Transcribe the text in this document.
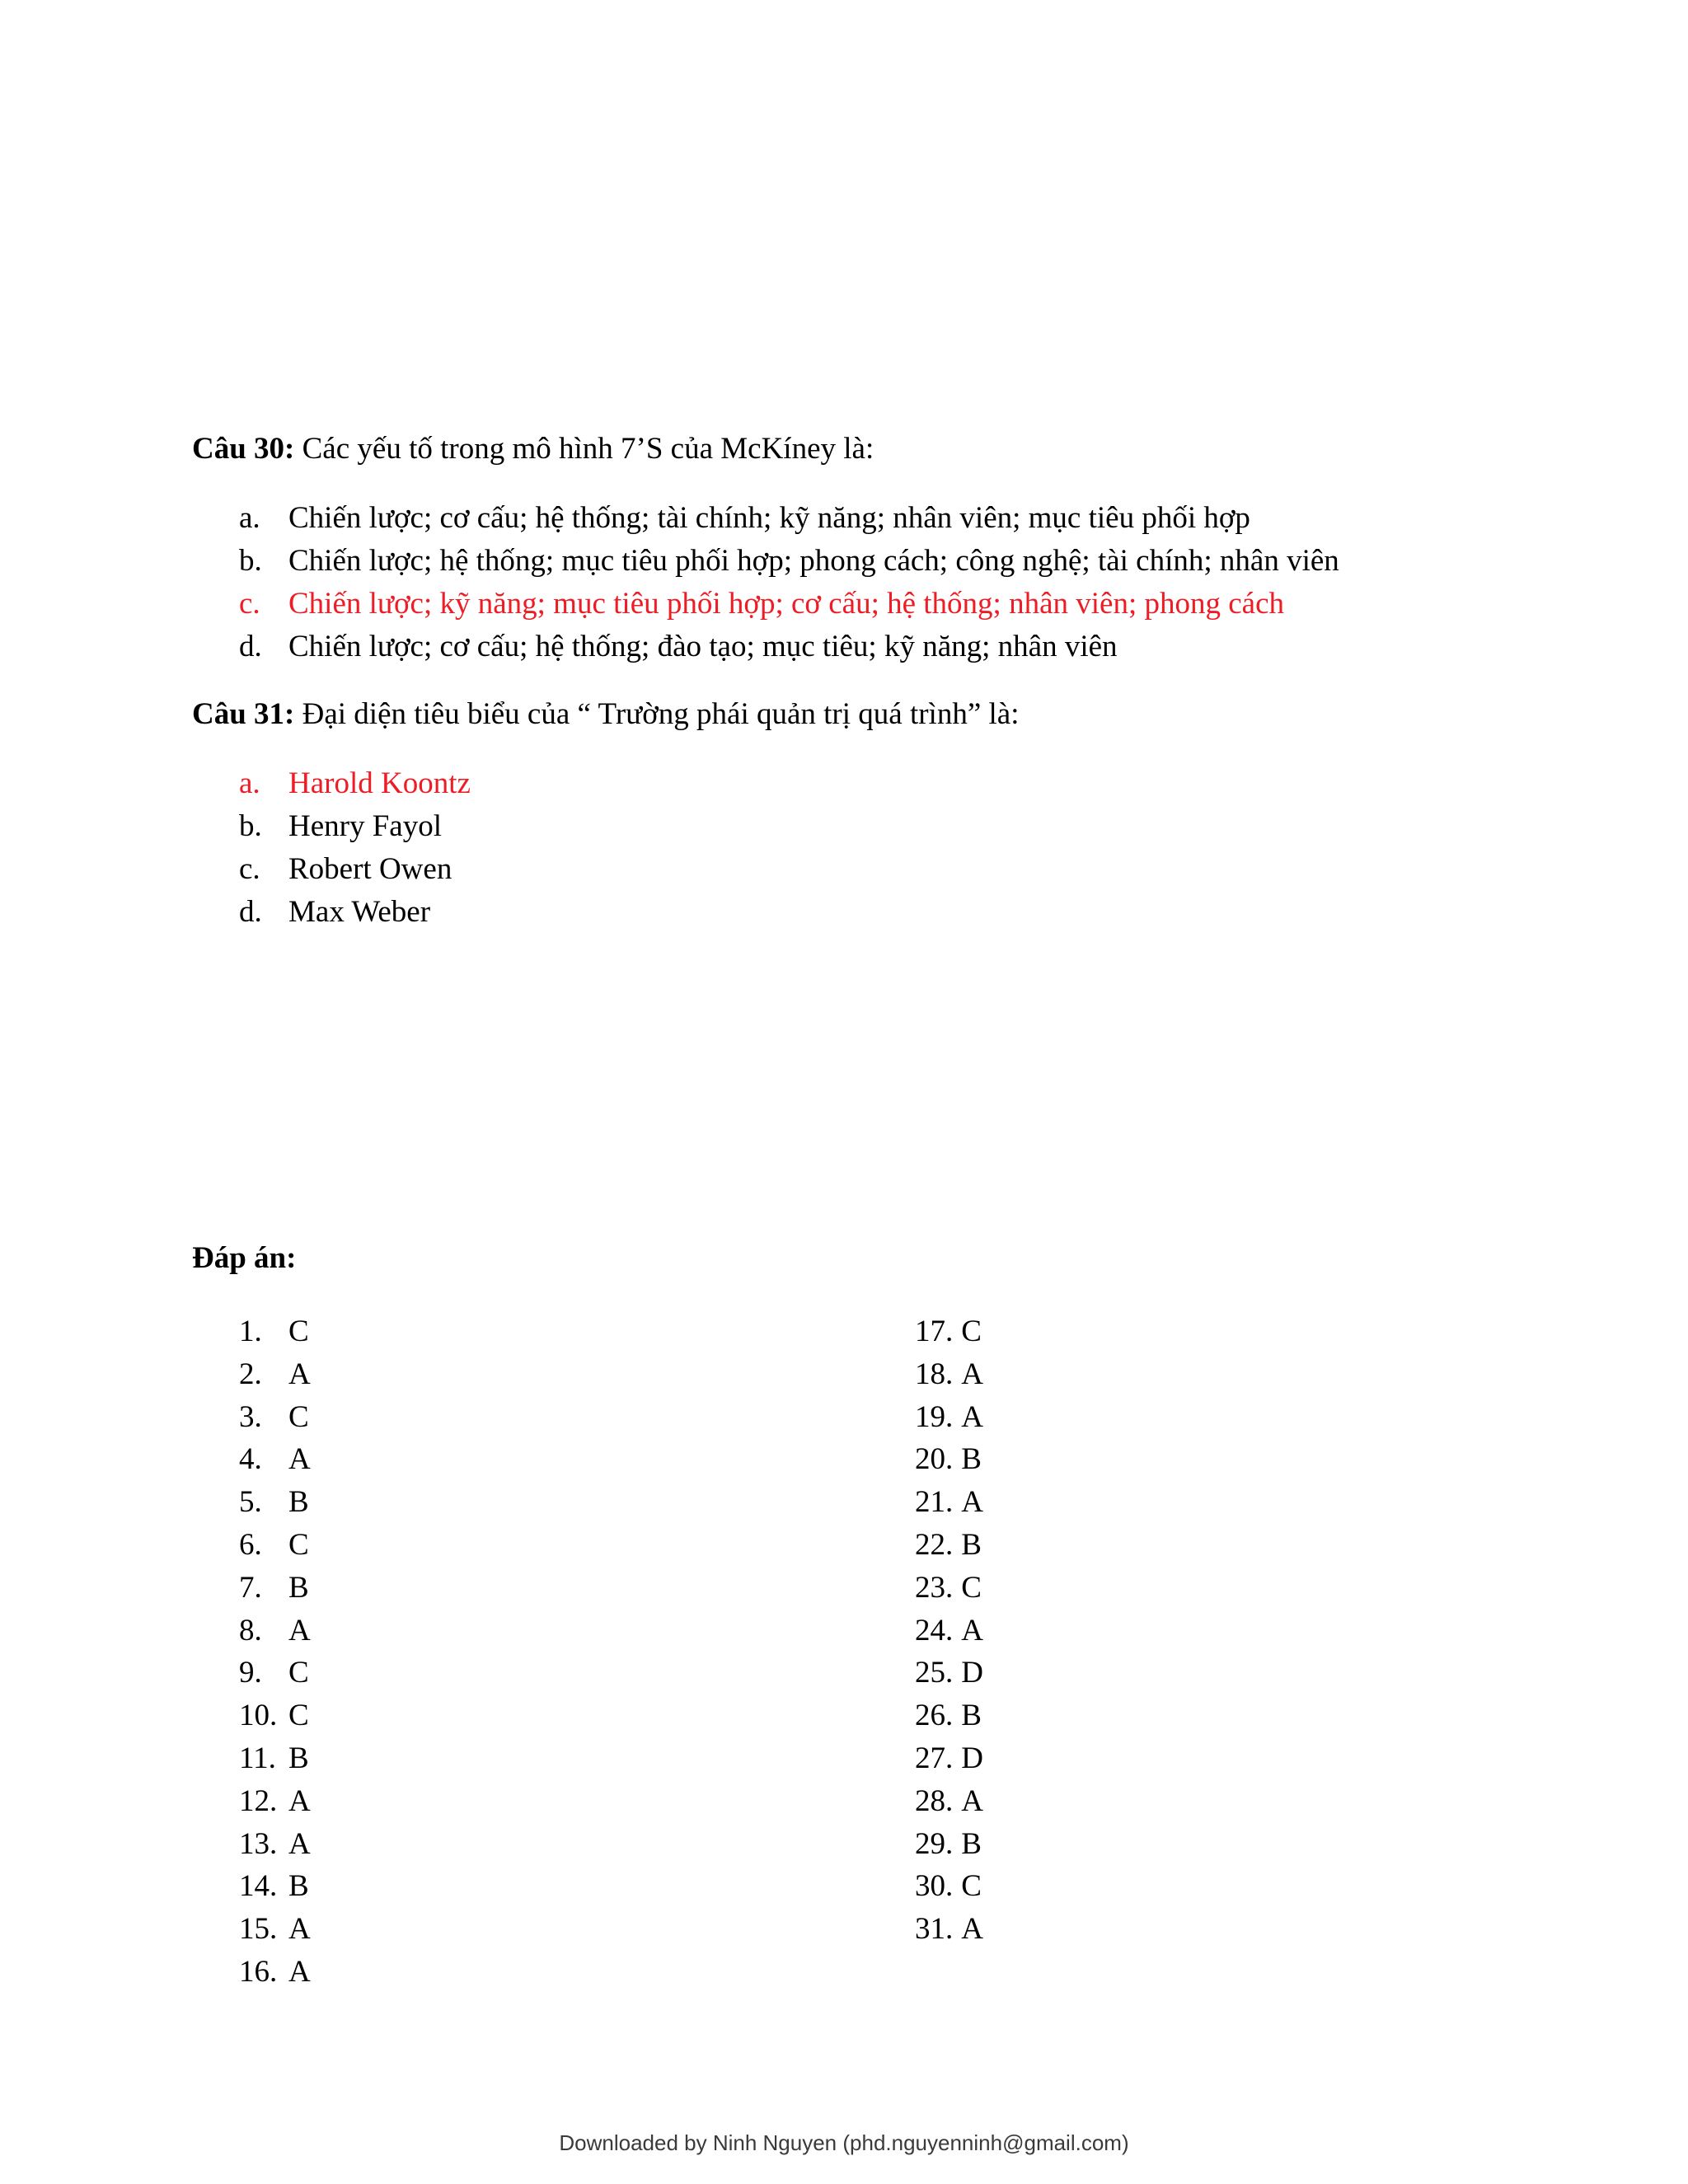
Câu 30: Các yếu tố trong mô hình 7’S của McKíney là:
a. Chiến lược; cơ cấu; hệ thống; tài chính; kỹ năng; nhân viên; mục tiêu phối hợp
b. Chiến lược; hệ thống; mục tiêu phối hợp; phong cách; công nghệ; tài chính; nhân viên
c. Chiến lược; kỹ năng; mục tiêu phối hợp; cơ cấu; hệ thống; nhân viên; phong cách
d. Chiến lược; cơ cấu; hệ thống; đào tạo; mục tiêu; kỹ năng; nhân viên
Câu 31: Đại diện tiêu biểu của “ Trường phái quản trị quá trình” là:
a. Harold Koontz
b. Henry Fayol
c. Robert Owen
d. Max Weber
Đáp án:
1. C
2. A
3. C
4. A
5. B
6. C
7. B
8. A
9. C
10. C
11. B
12. A
13. A
14. B
15. A
16. A
17. C
18. A
19. A
20. B
21. A
22. B
23. C
24. A
25. D
26. B
27. D
28. A
29. B
30. C
31. A
Downloaded by Ninh Nguyen (phd.nguyenninh@gmail.com)
